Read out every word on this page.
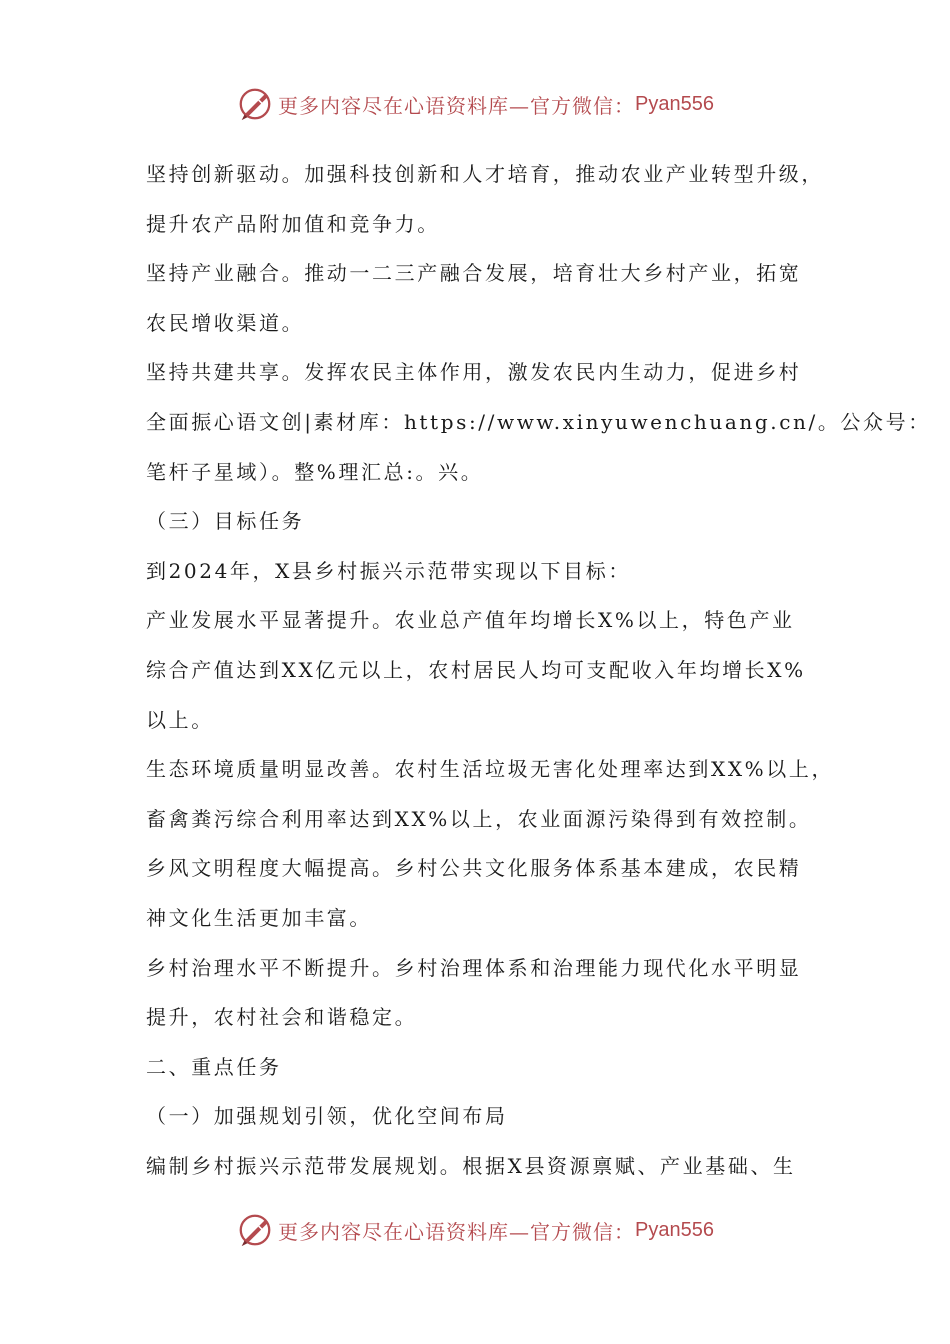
更多内容尽在心语资料库—官方微信： Pyan556
坚持创新驱动。加强科技创新和人才培育，推动农业产业转型升级，
提升农产品附加值和竞争力。
坚持产业融合。推动一二三产融合发展，培育壮大乡村产业，拓宽
农民增收渠道。
坚持共建共享。发挥农民主体作用，激发农民内生动力，促进乡村
全面振心语文创|素材库：https://www.xinyuwenchuang.cn/。公众号：
笔杆子星域）。整%理汇总:。兴。
（三）目标任务
到2024年，X县乡村振兴示范带实现以下目标：
产业发展水平显著提升。农业总产值年均增长X%以上，特色产业
综合产值达到XX亿元以上，农村居民人均可支配收入年均增长X%
以上。
生态环境质量明显改善。农村生活垃圾无害化处理率达到XX%以上，
畜禽粪污综合利用率达到XX%以上，农业面源污染得到有效控制。
乡风文明程度大幅提高。乡村公共文化服务体系基本建成，农民精
神文化生活更加丰富。
乡村治理水平不断提升。乡村治理体系和治理能力现代化水平明显
提升，农村社会和谐稳定。
二、重点任务
（一）加强规划引领，优化空间布局
编制乡村振兴示范带发展规划。根据X县资源禀赋、产业基础、生
更多内容尽在心语资料库—官方微信： Pyan556
